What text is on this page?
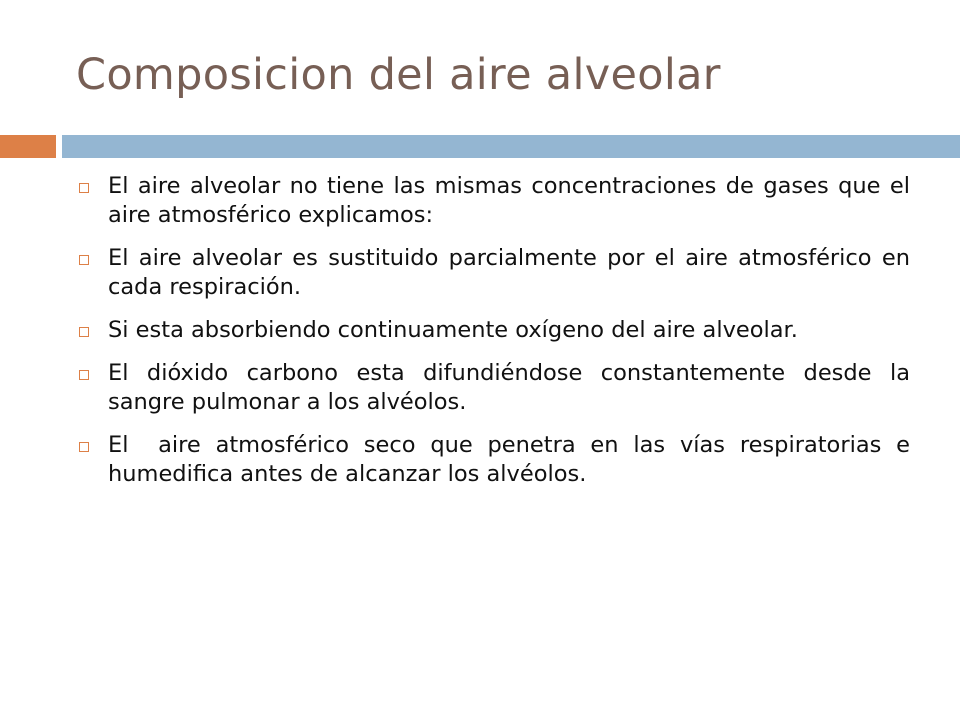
Composicion del aire alveolar
El aire alveolar no tiene las mismas concentraciones de gases que el aire atmosférico explicamos:
El aire alveolar es sustituido parcialmente por el aire atmosférico en cada respiración.
Si esta absorbiendo continuamente oxígeno del aire alveolar.
El dióxido carbono esta difundiéndose constantemente desde la sangre pulmonar a los alvéolos.
El  aire atmosférico seco que penetra en las vías respiratorias e humedifica antes de alcanzar los alvéolos.
